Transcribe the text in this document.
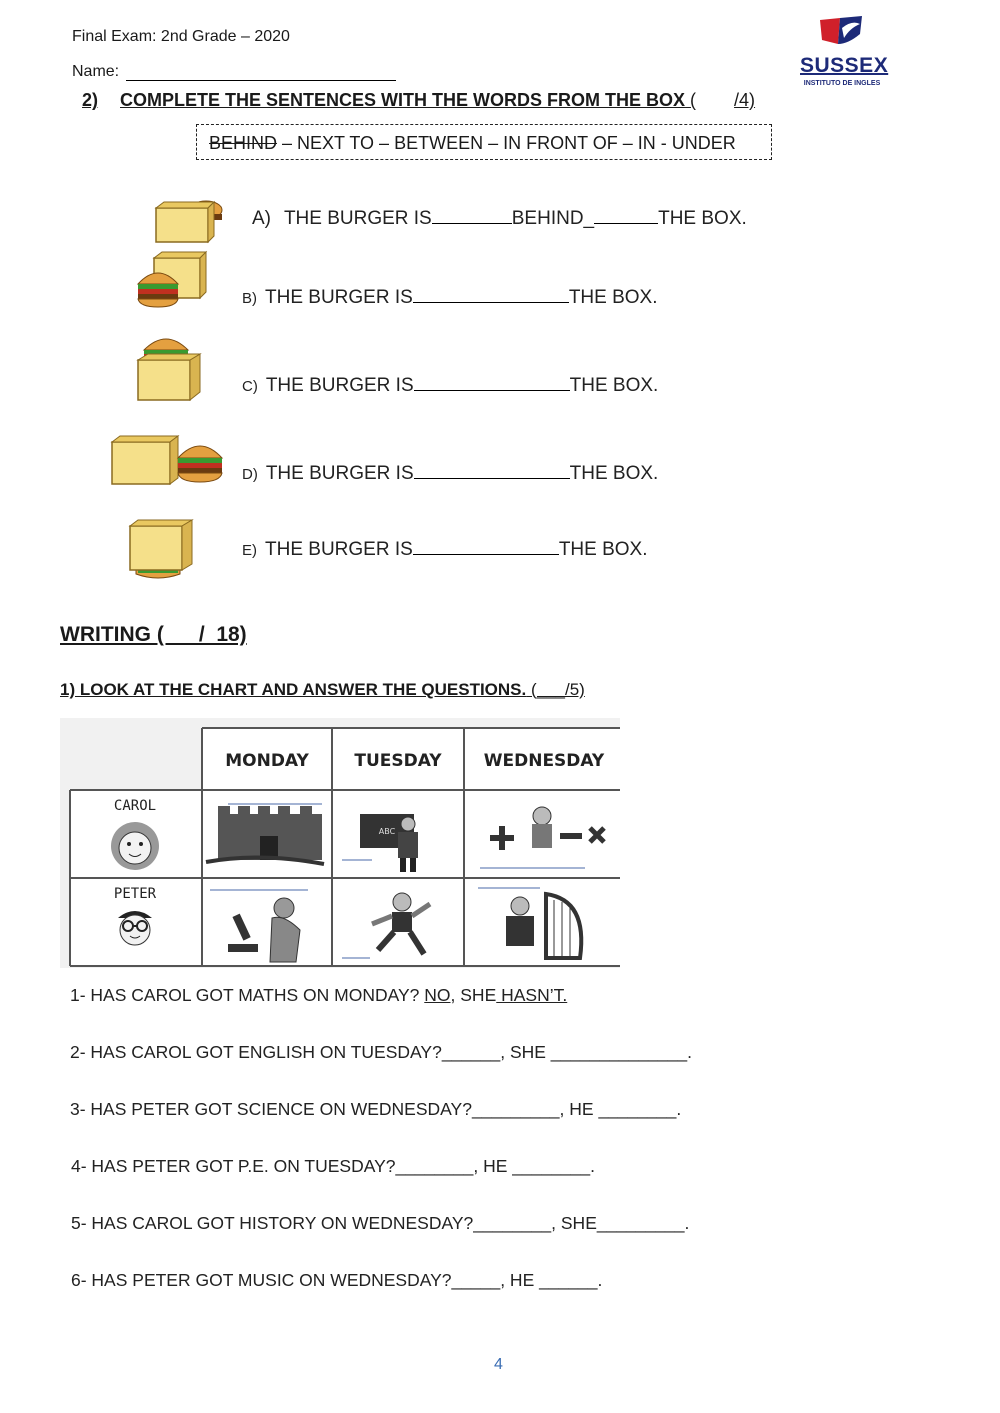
Final Exam: 2nd Grade – 2020
Name:	SUSSEX
INSTITUTO DE INGLES
2) COMPLETE THE SENTENCES WITH THE WORDS FROM THE BOX ( /4)
BEHIND – NEXT TO – BETWEEN – IN FRONT OF – IN - UNDER
A) THE BURGER IS	BEHIND_	THE BOX.
B) THE BURGER IS	THE BOX.
C) THE BURGER IS	THE BOX.
D) THE BURGER IS	THE BOX.
E) THE BURGER IS	THE BOX.
WRITING (      /  18)
1) LOOK AT THE CHART AND ANSWER THE QUESTIONS. (___/5)
MONDAY	TUESDAY WEDNESDAY
CAROL
PETER
ABC
1- HAS CAROL GOT MATHS ON MONDAY? NO, SHE HASN’T.
2- HAS CAROL GOT ENGLISH ON TUESDAY?______, SHE ______________.
3- HAS PETER GOT SCIENCE ON WEDNESDAY?_________, HE ________.
4- HAS PETER GOT P.E. ON TUESDAY?________, HE ________.
5- HAS CAROL GOT HISTORY ON WEDNESDAY?________, SHE_________.
6- HAS PETER GOT MUSIC ON WEDNESDAY?_____, HE ______.
4
